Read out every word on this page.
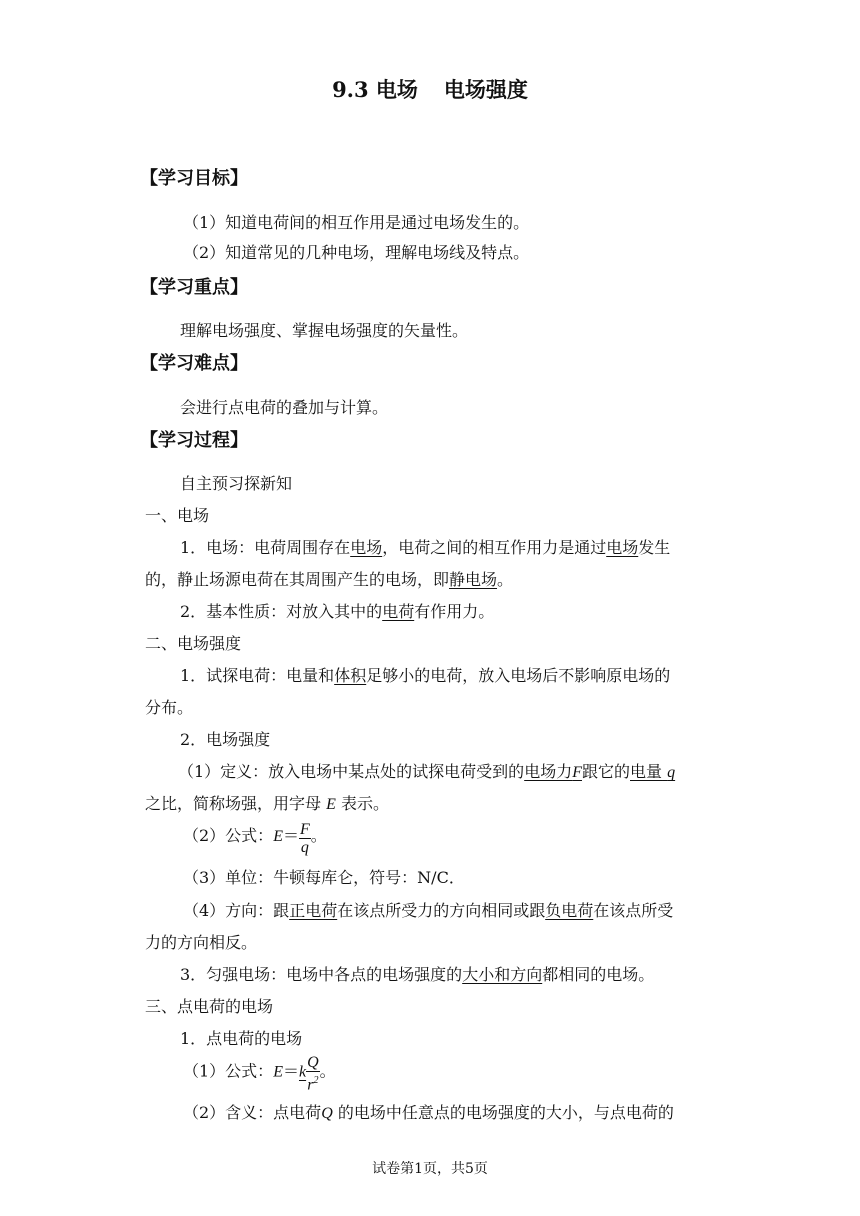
9.3 电场 电场强度
【学习目标】
（1）知道电荷间的相互作用是通过电场发生的。
（2）知道常见的几种电场，理解电场线及特点。
【学习重点】
理解电场强度、掌握电场强度的矢量性。
【学习难点】
会进行点电荷的叠加与计算。
【学习过程】
自主预习探新知
一、电场
1．电场：电荷周围存在电场，电荷之间的相互作用力是通过电场发生
的，静止场源电荷在其周围产生的电场，即静电场。
2．基本性质：对放入其中的电荷有作用力。
二、电场强度
1．试探电荷：电量和体积足够小的电荷，放入电场后不影响原电场的
分布。
2．电场强度
（1）定义：放入电场中某点处的试探电荷受到的电场力F跟它的电量 q
之比，简称场强，用字母 E 表示。
（2）公式：$E= \frac{F}{q}$ 。
（3）单位：牛顿每库仑，符号：N/C．
（4）方向：跟正电荷在该点所受力的方向相同或跟负电荷在该点所受
力的方向相反。
3．匀强电场：电场中各点的电场强度的大小和方向都相同的电场。
三、点电荷的电场
1．点电荷的电场
（1）公式：$E=k \frac{Q}{r^2}$ 。
（2）含义：点电荷Q 的电场中任意点的电场强度的大小，与点电荷的
试卷第1页，共5页
